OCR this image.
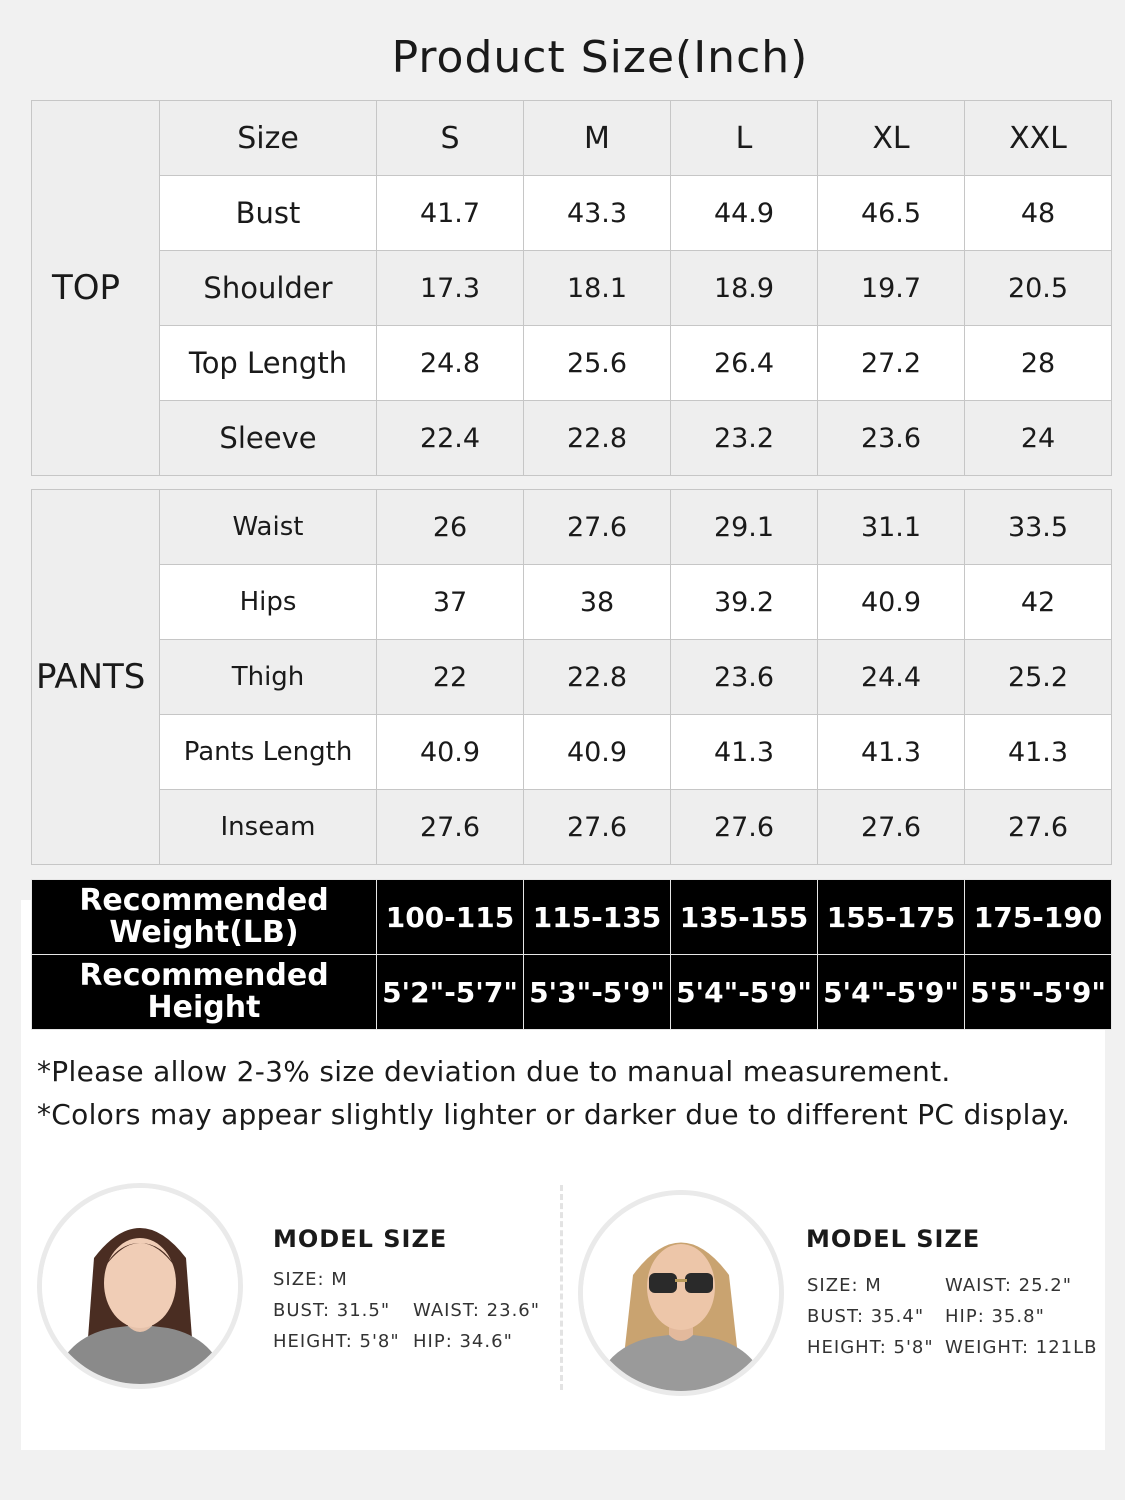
Product Size(Inch)
TOP	Size	S	M	L	XL	XXL
	Bust	41.7	43.3	44.9	46.5	48
	Shoulder	17.3	18.1	18.9	19.7	20.5
	Top Length	24.8	25.6	26.4	27.2	28
	Sleeve	22.4	22.8	23.2	23.6	24
PANTS	Waist	26	27.6	29.1	31.1	33.5
	Hips	37	38	39.2	40.9	42
	Thigh	22	22.8	23.6	24.4	25.2
	Pants Length	40.9	40.9	41.3	41.3	41.3
	Inseam	27.6	27.6	27.6	27.6	27.6
Recommended
Weight(LB)	100-115	115-135	135-155	155-175	175-190

Recommended
Height	5'2"-5'7"	5'3"-5'9"	5'4"-5'9"	5'4"-5'9"	5'5"-5'9"
*Please allow 2-3% size deviation due to manual measurement.
*Colors may appear slightly lighter or darker due to different PC display.
MODEL SIZE
SIZE: M
BUST: 31.5"
HEIGHT: 5'8"
WAIST: 23.6"
HIP: 34.6"
MODEL SIZE
SIZE: M
BUST: 35.4"
HEIGHT: 5'8"
WAIST: 25.2"
HIP: 35.8"
WEIGHT: 121LB
